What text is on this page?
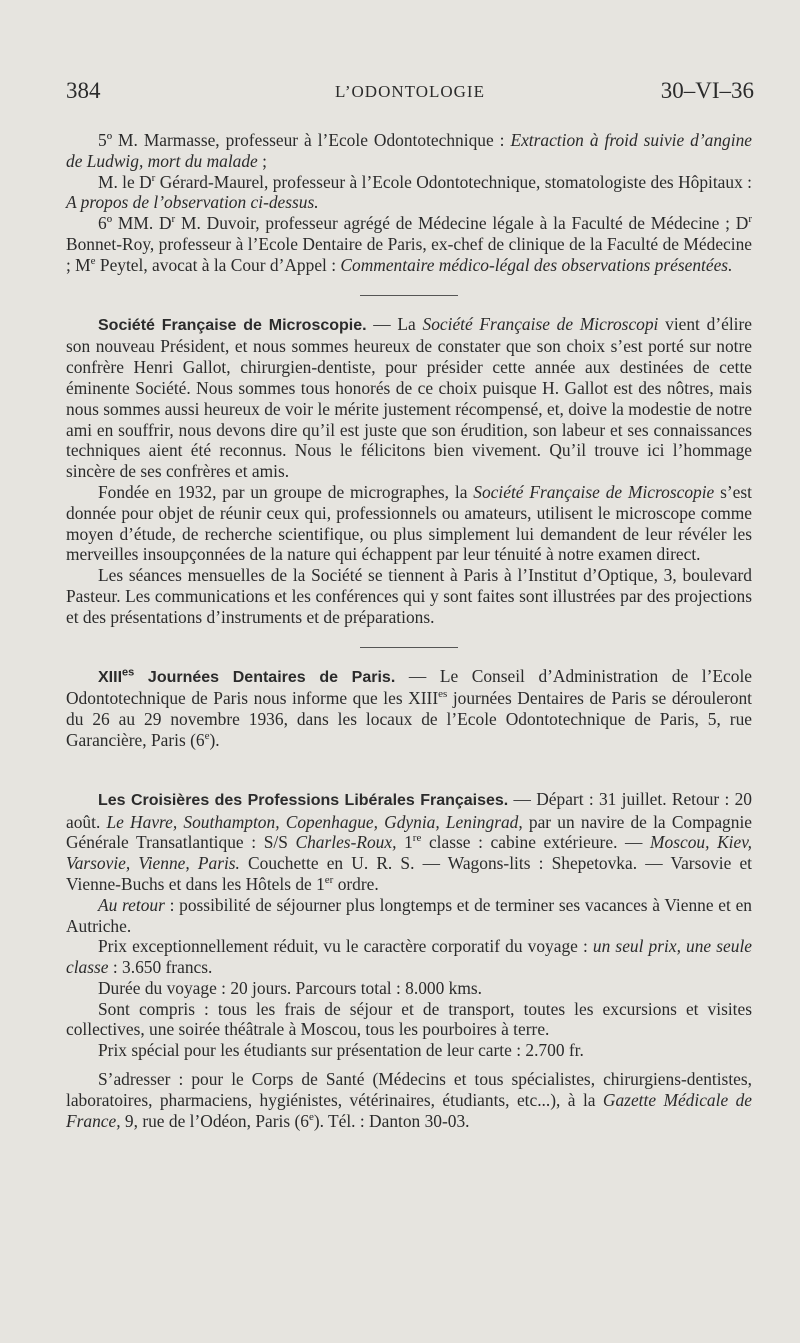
384	L’ODONTOLOGIE	30–VI–36

5º M. Marmasse, professeur à l’Ecole Odontotechnique : Extraction à froid suivie d’angine de Ludwig, mort du malade ;

M. le $D^r$ Gérard-Maurel, professeur à l’Ecole Odontotechnique, stomatologiste des Hôpitaux : A propos de l’observation ci-dessus.

6º MM. $D^r$ M. Duvoir, professeur agrégé de Médecine légale à la Faculté de Médecine ; $D^r$ Bonnet-Roy, professeur à l’Ecole Dentaire de Paris, ex-chef de clinique de la Faculté de Médecine ; Me Peytel, avocat à la Cour d’Appel : Commentaire médico-légal des observations présentées.

Société Française de Microscopie. — La Société Française de Microscopi vient d’élire son nouveau Président, et nous sommes heureux de constater que son choix s’est porté sur notre confrère Henri Gallot, chirurgien-dentiste, pour présider cette année aux destinées de cette éminente Société. Nous sommes tous honorés de ce choix puisque H. Gallot est des nôtres, mais nous sommes aussi heureux de voir le mérite justement récompensé, et, doive la modestie de notre ami en souffrir, nous devons dire qu’il est juste que son érudition, son labeur et ses connaissances techniques aient été reconnus. Nous le félicitons bien vivement. Qu’il trouve ici l’hommage sincère de ses confrères et amis.

Fondée en 1932, par un groupe de micrographes, la Société Française de Microscopie s’est donnée pour objet de réunir ceux qui, professionnels ou amateurs, utilisent le microscope comme moyen d’étude, de recherche scientifique, ou plus simplement lui demandent de leur révéler les merveilles insoupçonnées de la nature qui échappent par leur ténuité à notre examen direct.

Les séances mensuelles de la Société se tiennent à Paris à l’Institut d’Optique, 3, boulevard Pasteur. Les communications et les conférences qui y sont faites sont illustrées par des projections et des présentations d’instruments et de préparations.

$XIII^{es}$ Journées Dentaires de Paris. — Le Conseil d’Administration de l’Ecole Odontotechnique de Paris nous informe que les $XIII^{es}$ journées Dentaires de Paris se dérouleront du 26 au 29 novembre 1936, dans les locaux de l’Ecole Odontotechnique de Paris, 5, rue Garancière, Paris (6e).

Les Croisières des Professions Libérales Françaises. — Départ : 31 juillet. Retour : 20 août. Le Havre, Southampton, Copenhague, Gdynia, Leningrad, par un navire de la Compagnie Générale Transatlantique : S/S Charles-Roux, 1re classe : cabine extérieure. — Moscou, Kiev, Varsovie, Vienne, Paris. Couchette en U. R. S. — Wagons-lits : Shepetovka. — Varsovie et Vienne-Buchs et dans les Hôtels de 1er ordre.

Au retour : possibilité de séjourner plus longtemps et de terminer ses vacances à Vienne et en Autriche.

Prix exceptionnellement réduit, vu le caractère corporatif du voyage : un seul prix, une seule classe : 3.650 francs.

Durée du voyage : 20 jours. Parcours total : 8.000 kms.

Sont compris : tous les frais de séjour et de transport, toutes les excursions et visites collectives, une soirée théâtrale à Moscou, tous les pourboires à terre.

Prix spécial pour les étudiants sur présentation de leur carte : 2.700 fr.

S’adresser : pour le Corps de Santé (Médecins et tous spécialistes, chirurgiens-dentistes, laboratoires, pharmaciens, hygiénistes, vétérinaires, étudiants, etc...), à la Gazette Médicale de France, 9, rue de l’Odéon, Paris (6e). Tél. : Danton 30-03.
